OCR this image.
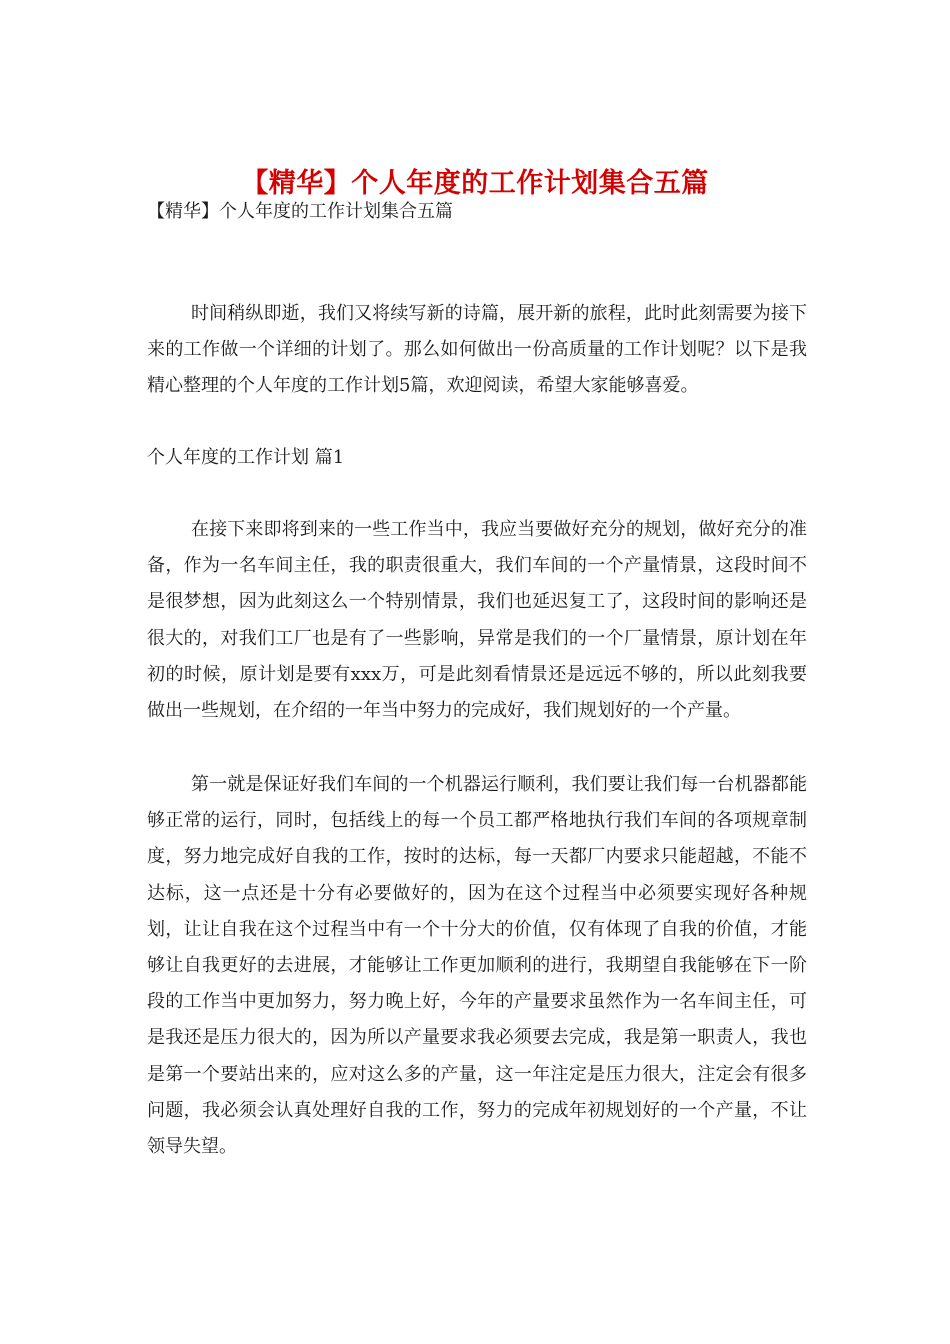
【精华】个人年度的工作计划集合五篇
【精华】个人年度的工作计划集合五篇

时间稍纵即逝，我们又将续写新的诗篇，展开新的旅程，此时此刻需要为接下来的工作做一个详细的计划了。那么如何做出一份高质量的工作计划呢？以下是我精心整理的个人年度的工作计划5篇，欢迎阅读，希望大家能够喜爱。

个人年度的工作计划 篇1

在接下来即将到来的一些工作当中，我应当要做好充分的规划，做好充分的准备，作为一名车间主任，我的职责很重大，我们车间的一个产量情景，这段时间不是很梦想，因为此刻这么一个特别情景，我们也延迟复工了，这段时间的影响还是很大的，对我们工厂也是有了一些影响，异常是我们的一个厂量情景，原计划在年初的时候，原计划是要有xxx万，可是此刻看情景还是远远不够的，所以此刻我要做出一些规划，在介绍的一年当中努力的完成好，我们规划好的一个产量。

第一就是保证好我们车间的一个机器运行顺利，我们要让我们每一台机器都能够正常的运行，同时，包括线上的每一个员工都严格地执行我们车间的各项规章制度，努力地完成好自我的工作，按时的达标，每一天都厂内要求只能超越，不能不达标，这一点还是十分有必要做好的，因为在这个过程当中必须要实现好各种规划，让让自我在这个过程当中有一个十分大的价值，仅有体现了自我的价值，才能够让自我更好的去进展，才能够让工作更加顺利的进行，我期望自我能够在下一阶段的工作当中更加努力，努力晚上好，今年的产量要求虽然作为一名车间主任，可是我还是压力很大的，因为所以产量要求我必须要去完成，我是第一职责人，我也是第一个要站出来的，应对这么多的产量，这一年注定是压力很大，注定会有很多问题，我必须会认真处理好自我的工作，努力的完成年初规划好的一个产量，不让领导失望。
